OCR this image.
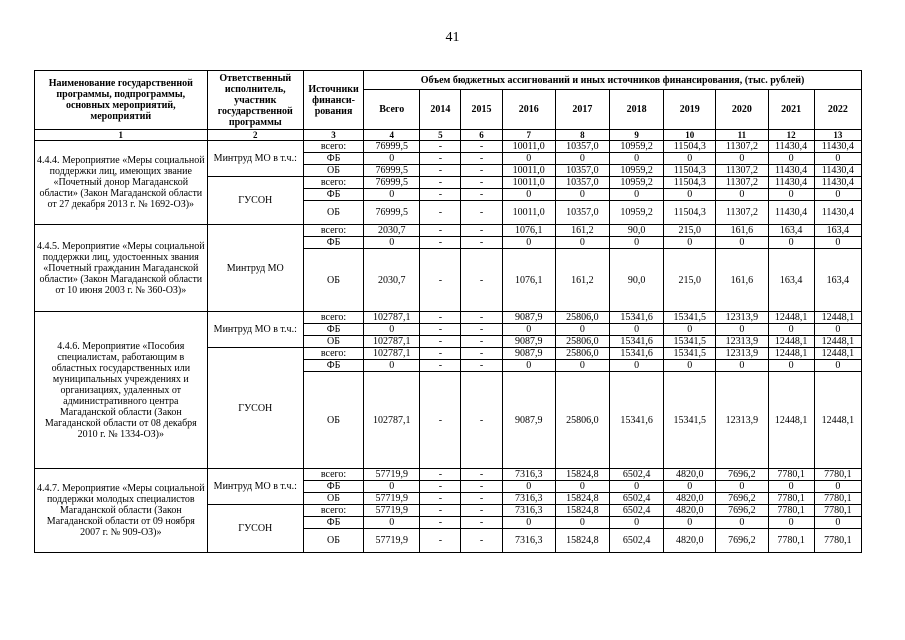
41
Наименование государственной программы, подпрограммы, основных мероприятий, мероприятий	Ответственный исполнитель, участник государственной программы	Источники финанси-рования	Объем бюджетных ассигнований и иных источников финансирования, (тыс. рублей)									
			Всего	2014	2015	2016	2017	2018	2019	2020	2021	2022
1	2	3	4	5	6	7	8	9	10	11	12	13
4.4.4. Мероприятие «Меры социальной поддержки лиц, имеющих звание «Почетный донор Магаданской области» (Закон Магаданской области от 27 декабря 2013 г. № 1692-ОЗ)»	Минтруд МО в т.ч.:	всего:	76999,5	-	-	10011,0	10357,0	10959,2	11504,3	11307,2	11430,4	11430,4
		ФБ	0	-	-	0	0	0	0	0	0	0
		ОБ	76999,5	-	-	10011,0	10357,0	10959,2	11504,3	11307,2	11430,4	11430,4
	ГУСОН	всего:	76999,5	-	-	10011,0	10357,0	10959,2	11504,3	11307,2	11430,4	11430,4
		ФБ	0	-	-	0	0	0	0	0	0	0
		ОБ	76999,5	-	-	10011,0	10357,0	10959,2	11504,3	11307,2	11430,4	11430,4
4.4.5. Мероприятие «Меры социальной поддержки лиц, удостоенных звания «Почетный гражданин Магаданской области» (Закон Магаданской области от 10 июня 2003 г. № 360-ОЗ)»	Минтруд МО	всего:	2030,7	-	-	1076,1	161,2	90,0	215,0	161,6	163,4	163,4
		ФБ	0	-	-	0	0	0	0	0	0	0
		ОБ	2030,7	-	-	1076,1	161,2	90,0	215,0	161,6	163,4	163,4
4.4.6. Мероприятие «Пособия специалистам, работающим в областных государственных или муниципальных учреждениях и организациях, удаленных от административного центра Магаданской области (Закон Магаданской области от 08 декабря 2010 г. № 1334-ОЗ)»	Минтруд МО в т.ч.:	всего:	102787,1	-	-	9087,9	25806,0	15341,6	15341,5	12313,9	12448,1	12448,1
		ФБ	0	-	-	0	0	0	0	0	0	0
		ОБ	102787,1	-	-	9087,9	25806,0	15341,6	15341,5	12313,9	12448,1	12448,1
	ГУСОН	всего:	102787,1	-	-	9087,9	25806,0	15341,6	15341,5	12313,9	12448,1	12448,1
		ФБ	0	-	-	0	0	0	0	0	0	0
		ОБ	102787,1	-	-	9087,9	25806,0	15341,6	15341,5	12313,9	12448,1	12448,1
4.4.7. Мероприятие «Меры социальной поддержки молодых специалистов Магаданской области (Закон Магаданской области от 09 ноября 2007 г. № 909-ОЗ)»	Минтруд МО в т.ч.:	всего:	57719,9	-	-	7316,3	15824,8	6502,4	4820,0	7696,2	7780,1	7780,1
		ФБ	0	-	-	0	0	0	0	0	0	0
		ОБ	57719,9	-	-	7316,3	15824,8	6502,4	4820,0	7696,2	7780,1	7780,1
	ГУСОН	всего:	57719,9	-	-	7316,3	15824,8	6502,4	4820,0	7696,2	7780,1	7780,1
		ФБ	0	-	-	0	0	0	0	0	0	0
		ОБ	57719,9	-	-	7316,3	15824,8	6502,4	4820,0	7696,2	7780,1	7780,1
